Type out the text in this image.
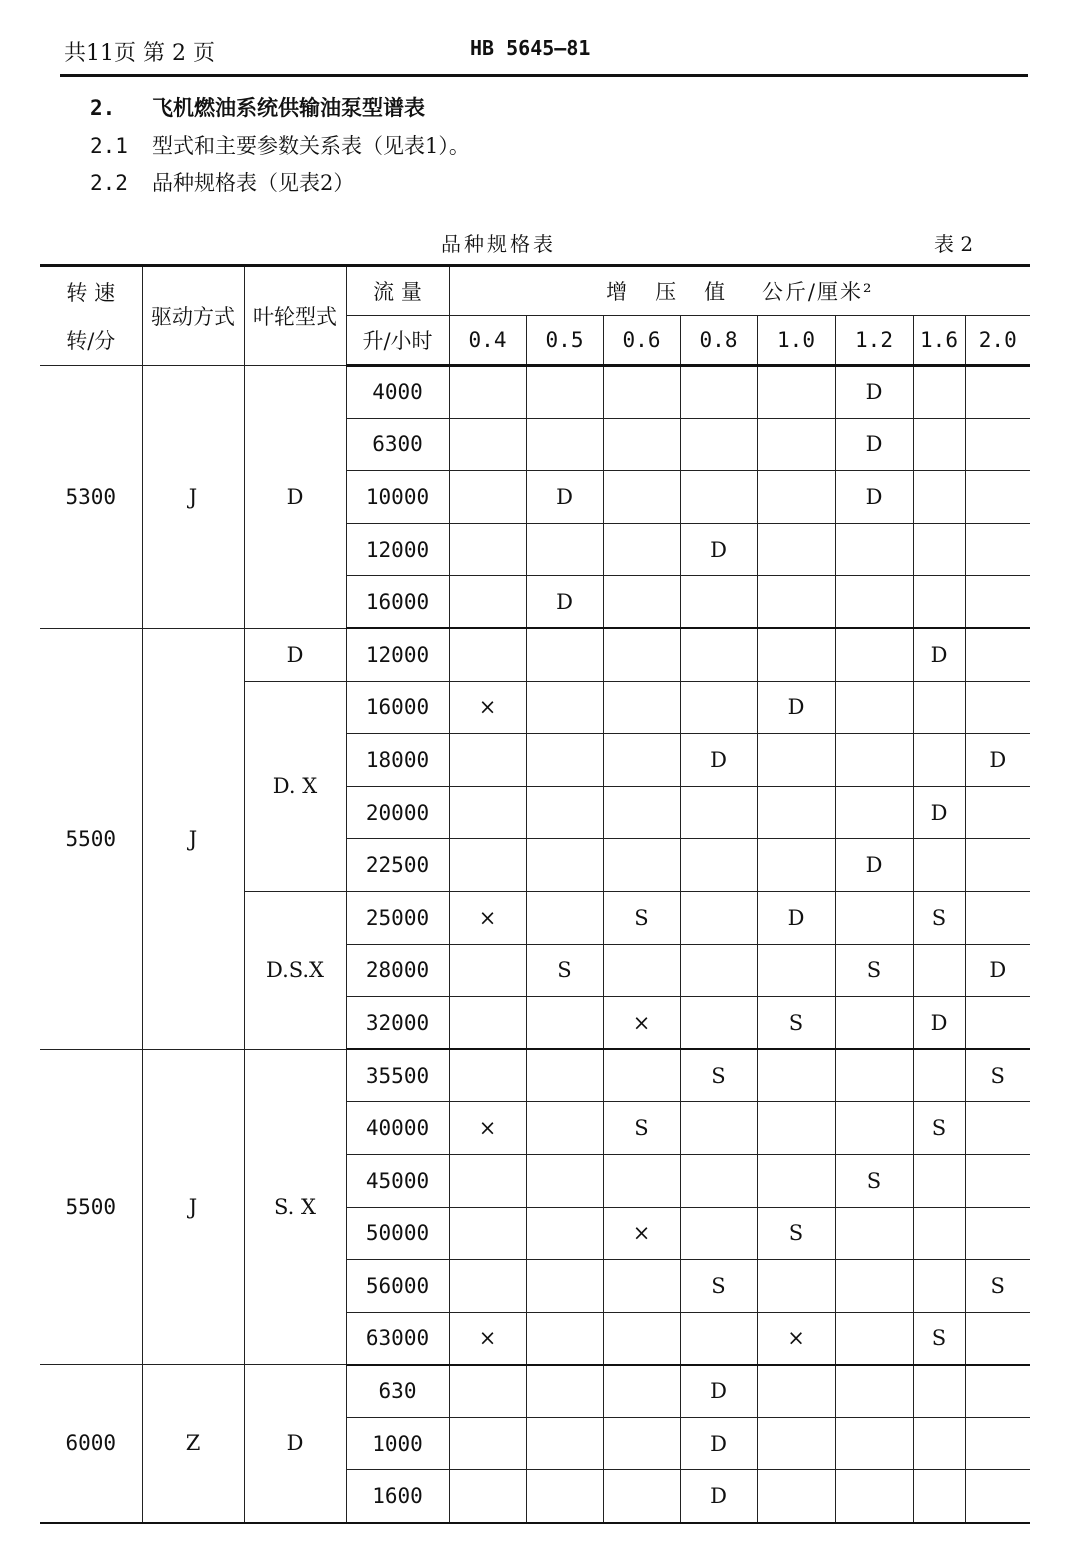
共11页 第 2 页	HB 5645—81
2. 飞机燃油系统供输油泵型谱表
2.1 型式和主要参数关系表（见表1）。
2.2 品种规格表（见表2）
品种规格表	表 2
转 速
转/分	驱动方式	叶轮型式	流 量	增   压   值    公斤/厘米²							
			升/小时	0.4	0.5	0.6	0.8	1.0	1.2	1.6	2.0
5300	J	D	4000						D		
			6300						D		
			10000		D				D		
			12000				D				
			16000		D						
5500	J	D	12000							D	
		D. X	16000	×				D			
			18000				D				D
			20000							D	
			22500						D		
		D.S.X	25000	×		S		D		S	
			28000		S				S		D
			32000			×		S		D	
5500	J	S. X	35500				S				S
			40000	×		S				S	
			45000						S		
			50000			×		S			
			56000				S				S
			63000	×				×		S	
6000	Z	D	630				D				
			1000				D				
			1600				D				
